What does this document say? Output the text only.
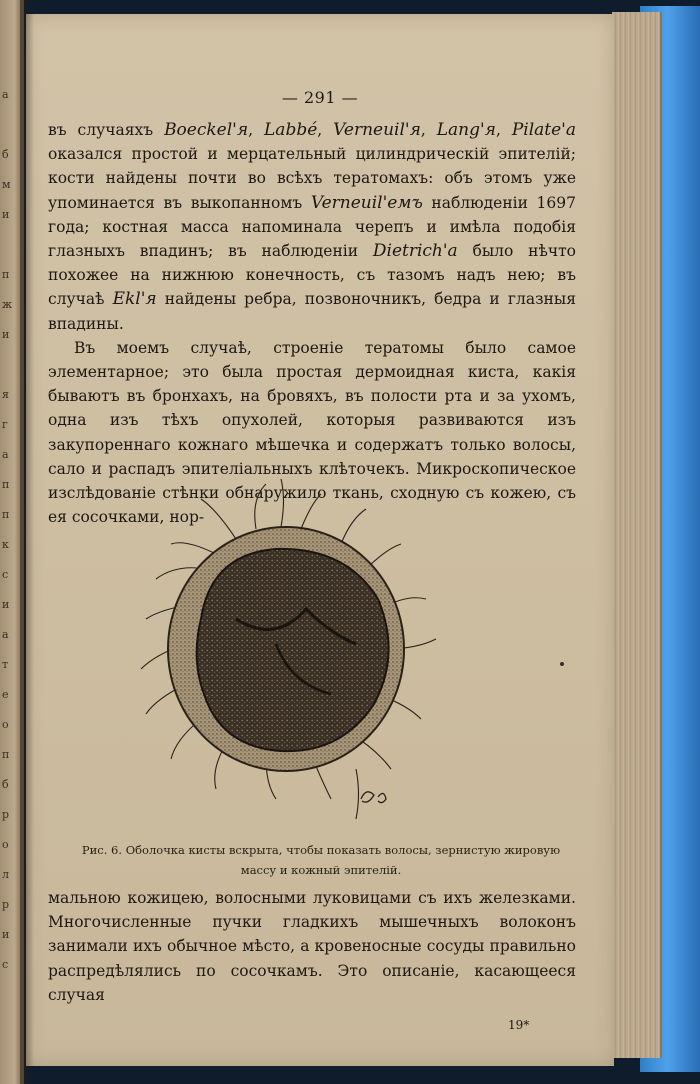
a

б
м
и

п
ж
и

я
г
а
п
п
к
c
и
а
т
е
о
п
б
р
о
л
р
и
с
— 291 —

въ случаяхъ Boeckel'я, Labbé, Verneuil'я, Lang'я, Pilate'а оказался простой и мерцательный цилиндрическій эпителій; кости найдены почти во всѣхъ тератомахъ: объ этомъ уже упоминается въ выкопанномъ Verneuil'емъ наблюденіи 1697 года; костная масса напоминала черепъ и имѣла подобія глазныхъ впадинъ; въ наблюденіи Dietrich'а было нѣчто похожее на нижнюю конечность, съ тазомъ надъ нею; въ случаѣ Ekl'я найдены ребра, позвоночникъ, бедра и глазныя впадины.

Въ моемъ случаѣ, строеніе тератомы было самое элементарное; это была простая дермоидная киста, какія бываютъ въ бронхахъ, на бровяхъ, въ полости рта и за ухомъ, одна изъ тѣхъ опухолей, которыя развиваются изъ закупореннаго кожнаго мѣшечка и содержатъ только волосы, сало и распадъ эпителіальныхъ клѣточекъ. Микроскопическое изслѣдованіе стѣнки обнаружило ткань, сходную съ кожею, съ ея сосочками, нор-

Рис. 6. Оболочка кисты вскрыта, чтобы показать волосы, зернистую жировую массу и кожный эпителій.

мальною кожицею, волосными луковицами съ ихъ железками. Многочисленные пучки гладкихъ мышечныхъ волоконъ занимали ихъ обычное мѣсто, а кровеносные сосуды правильно распредѣлялись по сосочкамъ. Это описаніе, касающееся случая

19*
